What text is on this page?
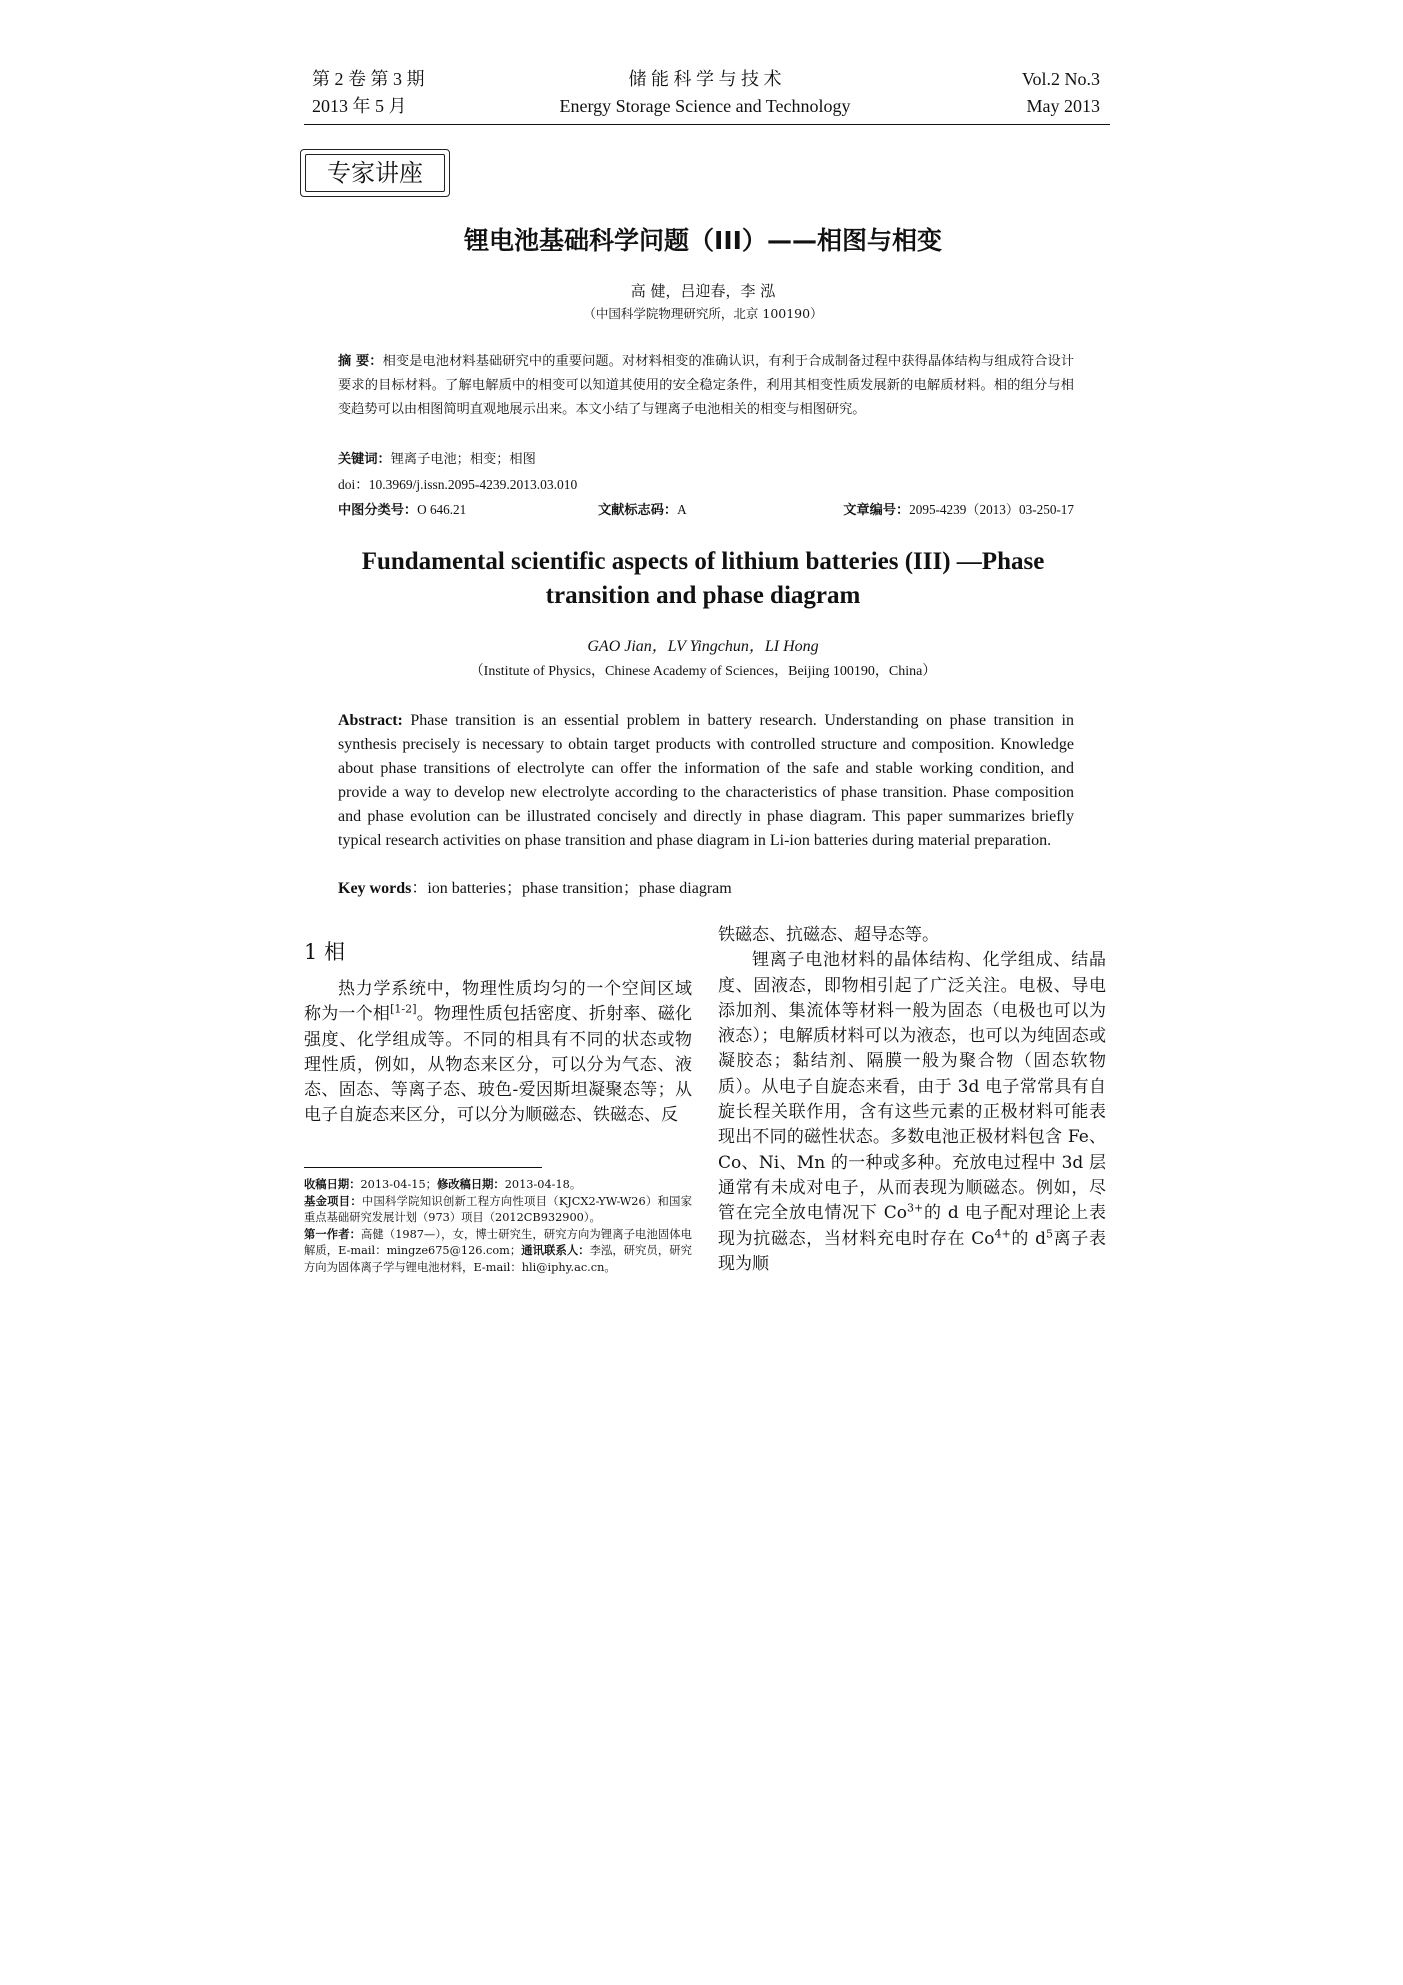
第 2 卷 第 3 期
2013 年 5 月
储 能 科 学 与 技 术
Energy Storage Science and Technology
Vol.2 No.3
May 2013
专家讲座
锂电池基础科学问题（III）——相图与相变
高 健，吕迎春，李 泓
（中国科学院物理研究所，北京 100190）
摘 要：相变是电池材料基础研究中的重要问题。对材料相变的准确认识，有利于合成制备过程中获得晶体结构与组成符合设计要求的目标材料。了解电解质中的相变可以知道其使用的安全稳定条件，利用其相变性质发展新的电解质材料。相的组分与相变趋势可以由相图简明直观地展示出来。本文小结了与锂离子电池相关的相变与相图研究。
关键词：锂离子电池；相变；相图
doi：10.3969/j.issn.2095-4239.2013.03.010
中图分类号：O 646.21	文献标志码：A	文章编号：2095-4239（2013）03-250-17
Fundamental scientific aspects of lithium batteries (III) —Phase
transition and phase diagram
GAO Jian，LV Yingchun，LI Hong
（Institute of Physics，Chinese Academy of Sciences，Beijing 100190，China）
Abstract: Phase transition is an essential problem in battery research. Understanding on phase transition in synthesis precisely is necessary to obtain target products with controlled structure and composition. Knowledge about phase transitions of electrolyte can offer the information of the safe and stable working condition, and provide a way to develop new electrolyte according to the characteristics of phase transition. Phase composition and phase evolution can be illustrated concisely and directly in phase diagram. This paper summarizes briefly typical research activities on phase transition and phase diagram in Li-ion batteries during material preparation.
Key words：ion batteries；phase transition；phase diagram
1 相

热力学系统中，物理性质均匀的一个空间区域称为一个相[1-2]。物理性质包括密度、折射率、磁化强度、化学组成等。不同的相具有不同的状态或物理性质，例如，从物态来区分，可以分为气态、液态、固态、等离子态、玻色-爱因斯坦凝聚态等；从电子自旋态来区分，可以分为顺磁态、铁磁态、反

收稿日期：2013-04-15；修改稿日期：2013-04-18。
基金项目：中国科学院知识创新工程方向性项目（KJCX2-YW-W26）和国家重点基础研究发展计划（973）项目（2012CB932900）。
第一作者：高健（1987—），女，博士研究生，研究方向为锂离子电池固体电解质，E-mail：mingze675@126.com；通讯联系人：李泓，研究员，研究方向为固体离子学与锂电池材料，E-mail：hli@iphy.ac.cn。

铁磁态、抗磁态、超导态等。

锂离子电池材料的晶体结构、化学组成、结晶度、固液态，即物相引起了广泛关注。电极、导电添加剂、集流体等材料一般为固态（电极也可以为液态）；电解质材料可以为液态，也可以为纯固态或凝胶态；黏结剂、隔膜一般为聚合物（固态软物质）。从电子自旋态来看，由于 3d 电子常常具有自旋长程关联作用，含有这些元素的正极材料可能表现出不同的磁性状态。多数电池正极材料包含 Fe、Co、Ni、Mn 的一种或多种。充放电过程中 3d 层通常有未成对电子，从而表现为顺磁态。例如，尽管在完全放电情况下 $Co^{3+}$的 d 电子配对理论上表现为抗磁态，当材料充电时存在 $Co^{4+}$的 $d^5$离子表现为顺
